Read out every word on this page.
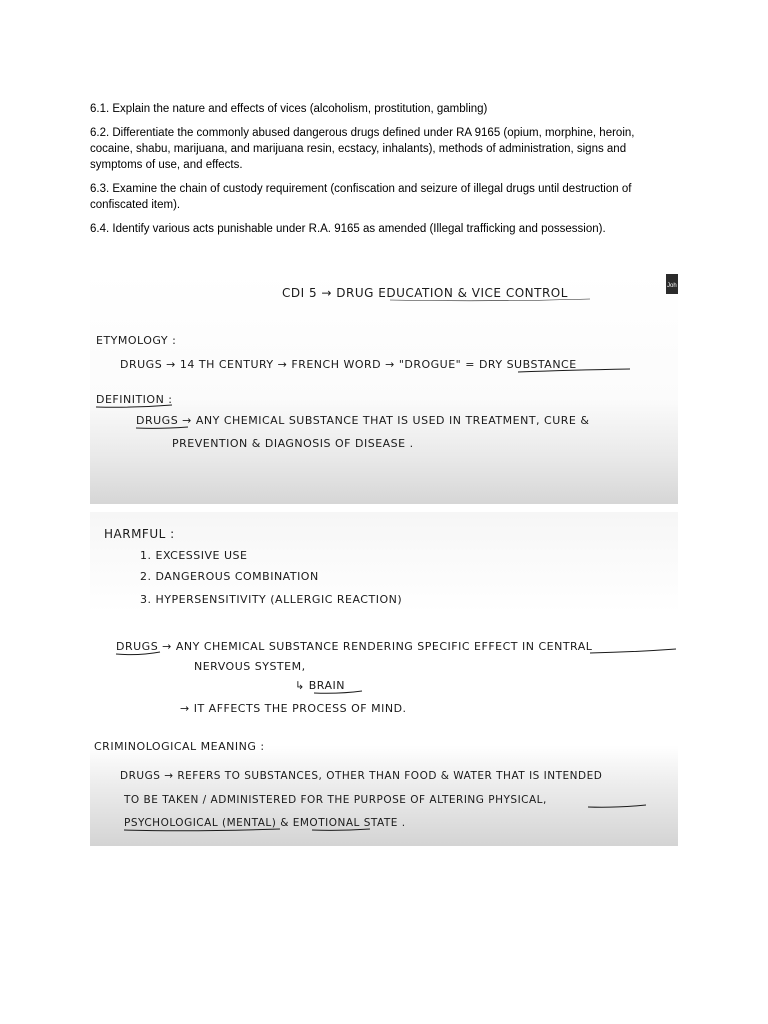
6.1. Explain the nature and effects of vices (alcoholism, prostitution, gambling)

6.2. Differentiate the commonly abused dangerous drugs defined under RA 9165 (opium, morphine, heroin, cocaine, shabu, marijuana, and marijuana resin, ecstacy, inhalants), methods of administration, signs and symptoms of use, and effects.

6.3. Examine the chain of custody requirement (confiscation and seizure of illegal drugs until destruction of confiscated item).

6.4. Identify various acts punishable under R.A. 9165 as amended (Illegal trafficking and possession).

Joh
CDI 5 → DRUG EDUCATION & VICE CONTROL
ETYMOLOGY :
DRUGS → 14 TH CENTURY → FRENCH WORD → "DROGUE" = DRY SUBSTANCE
DEFINITION :
DRUGS → ANY CHEMICAL SUBSTANCE THAT IS USED IN TREATMENT, CURE &
PREVENTION & DIAGNOSIS OF DISEASE .
HARMFUL :
1. EXCESSIVE USE
2. DANGEROUS COMBINATION
3. HYPERSENSITIVITY (ALLERGIC REACTION)
DRUGS → ANY CHEMICAL SUBSTANCE RENDERING SPECIFIC EFFECT IN CENTRAL
NERVOUS SYSTEM,
↳ BRAIN
→ IT AFFECTS THE PROCESS OF MIND.
CRIMINOLOGICAL MEANING :
DRUGS → REFERS TO SUBSTANCES, OTHER THAN FOOD & WATER THAT IS INTENDED
TO BE TAKEN / ADMINISTERED FOR THE PURPOSE OF ALTERING PHYSICAL,
PSYCHOLOGICAL (MENTAL) & EMOTIONAL STATE .
